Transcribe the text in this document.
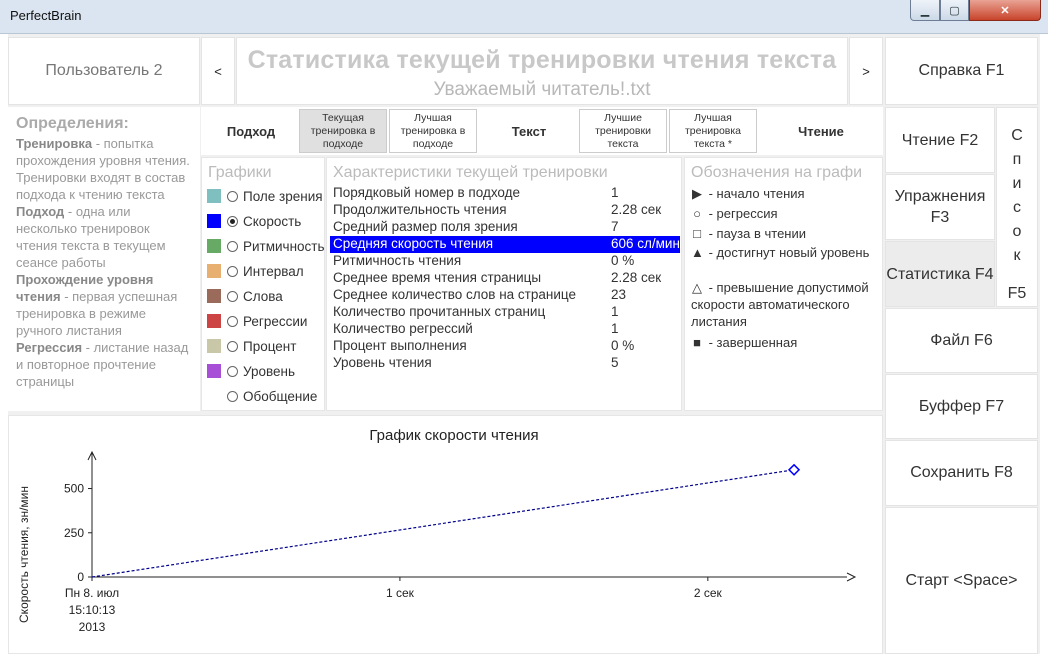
PerfectBrain	▁ ▢	✕
Пользователь 2	<	Статистика текущей тренировки чтения текста
Уважаемый читатель!.txt
>	Справка F1
Определения:

Тренировка - попытка прохождения уровня чтения. Тренировки входят в состав подхода к чтению текста

Подход - одна или несколько тренировок чтения текста в текущем сеансе работы

Прохождение уровня чтения - первая успешная тренировка в режиме ручного листания

Регрессия - листание назад и повторное прочтение страницы

Подход
Текущая тренировка в подходе
Лучшая тренировка в подходе
Текст
Лучшие тренировки текста
Лучшая тренировка текста *
Чтение
Графики
Поле зрения
Скорость
Ритмичность
Интервал
Слова
Регрессии
Процент
Уровень
Обобщение
Характеристики текущей тренировки
Порядковый номер в подходе	1
Продолжительность чтения	2.28 сек
Средний размер поля зрения	7
Средняя скорость чтения	606 сл/мин
Ритмичность чтения	0 %
Среднее время чтения страницы	2.28 сек
Среднее количество слов на странице	23
Количество прочитанных страниц	1
Количество регрессий	1
Процент выполнения	0 %
Уровень чтения	5
Обозначения на графи
▶ - начало чтения
○ - регрессия
□ - пауза в чтении
▲ - достигнут новый уровень
△ - превышение допустимой скорости автоматического листания
■ - завершенная
Чтение F2
Упражнения F3
Статистика F4
С
п
и
с
о
к
F5
Файл F6
Буффер F7
Сохранить F8
Старт <Space>
График скорости чтения
0
250
500
Скорость чтения, зн/мин	Пн 8. июл
15:10:13
2013
1 сек	2 сек
